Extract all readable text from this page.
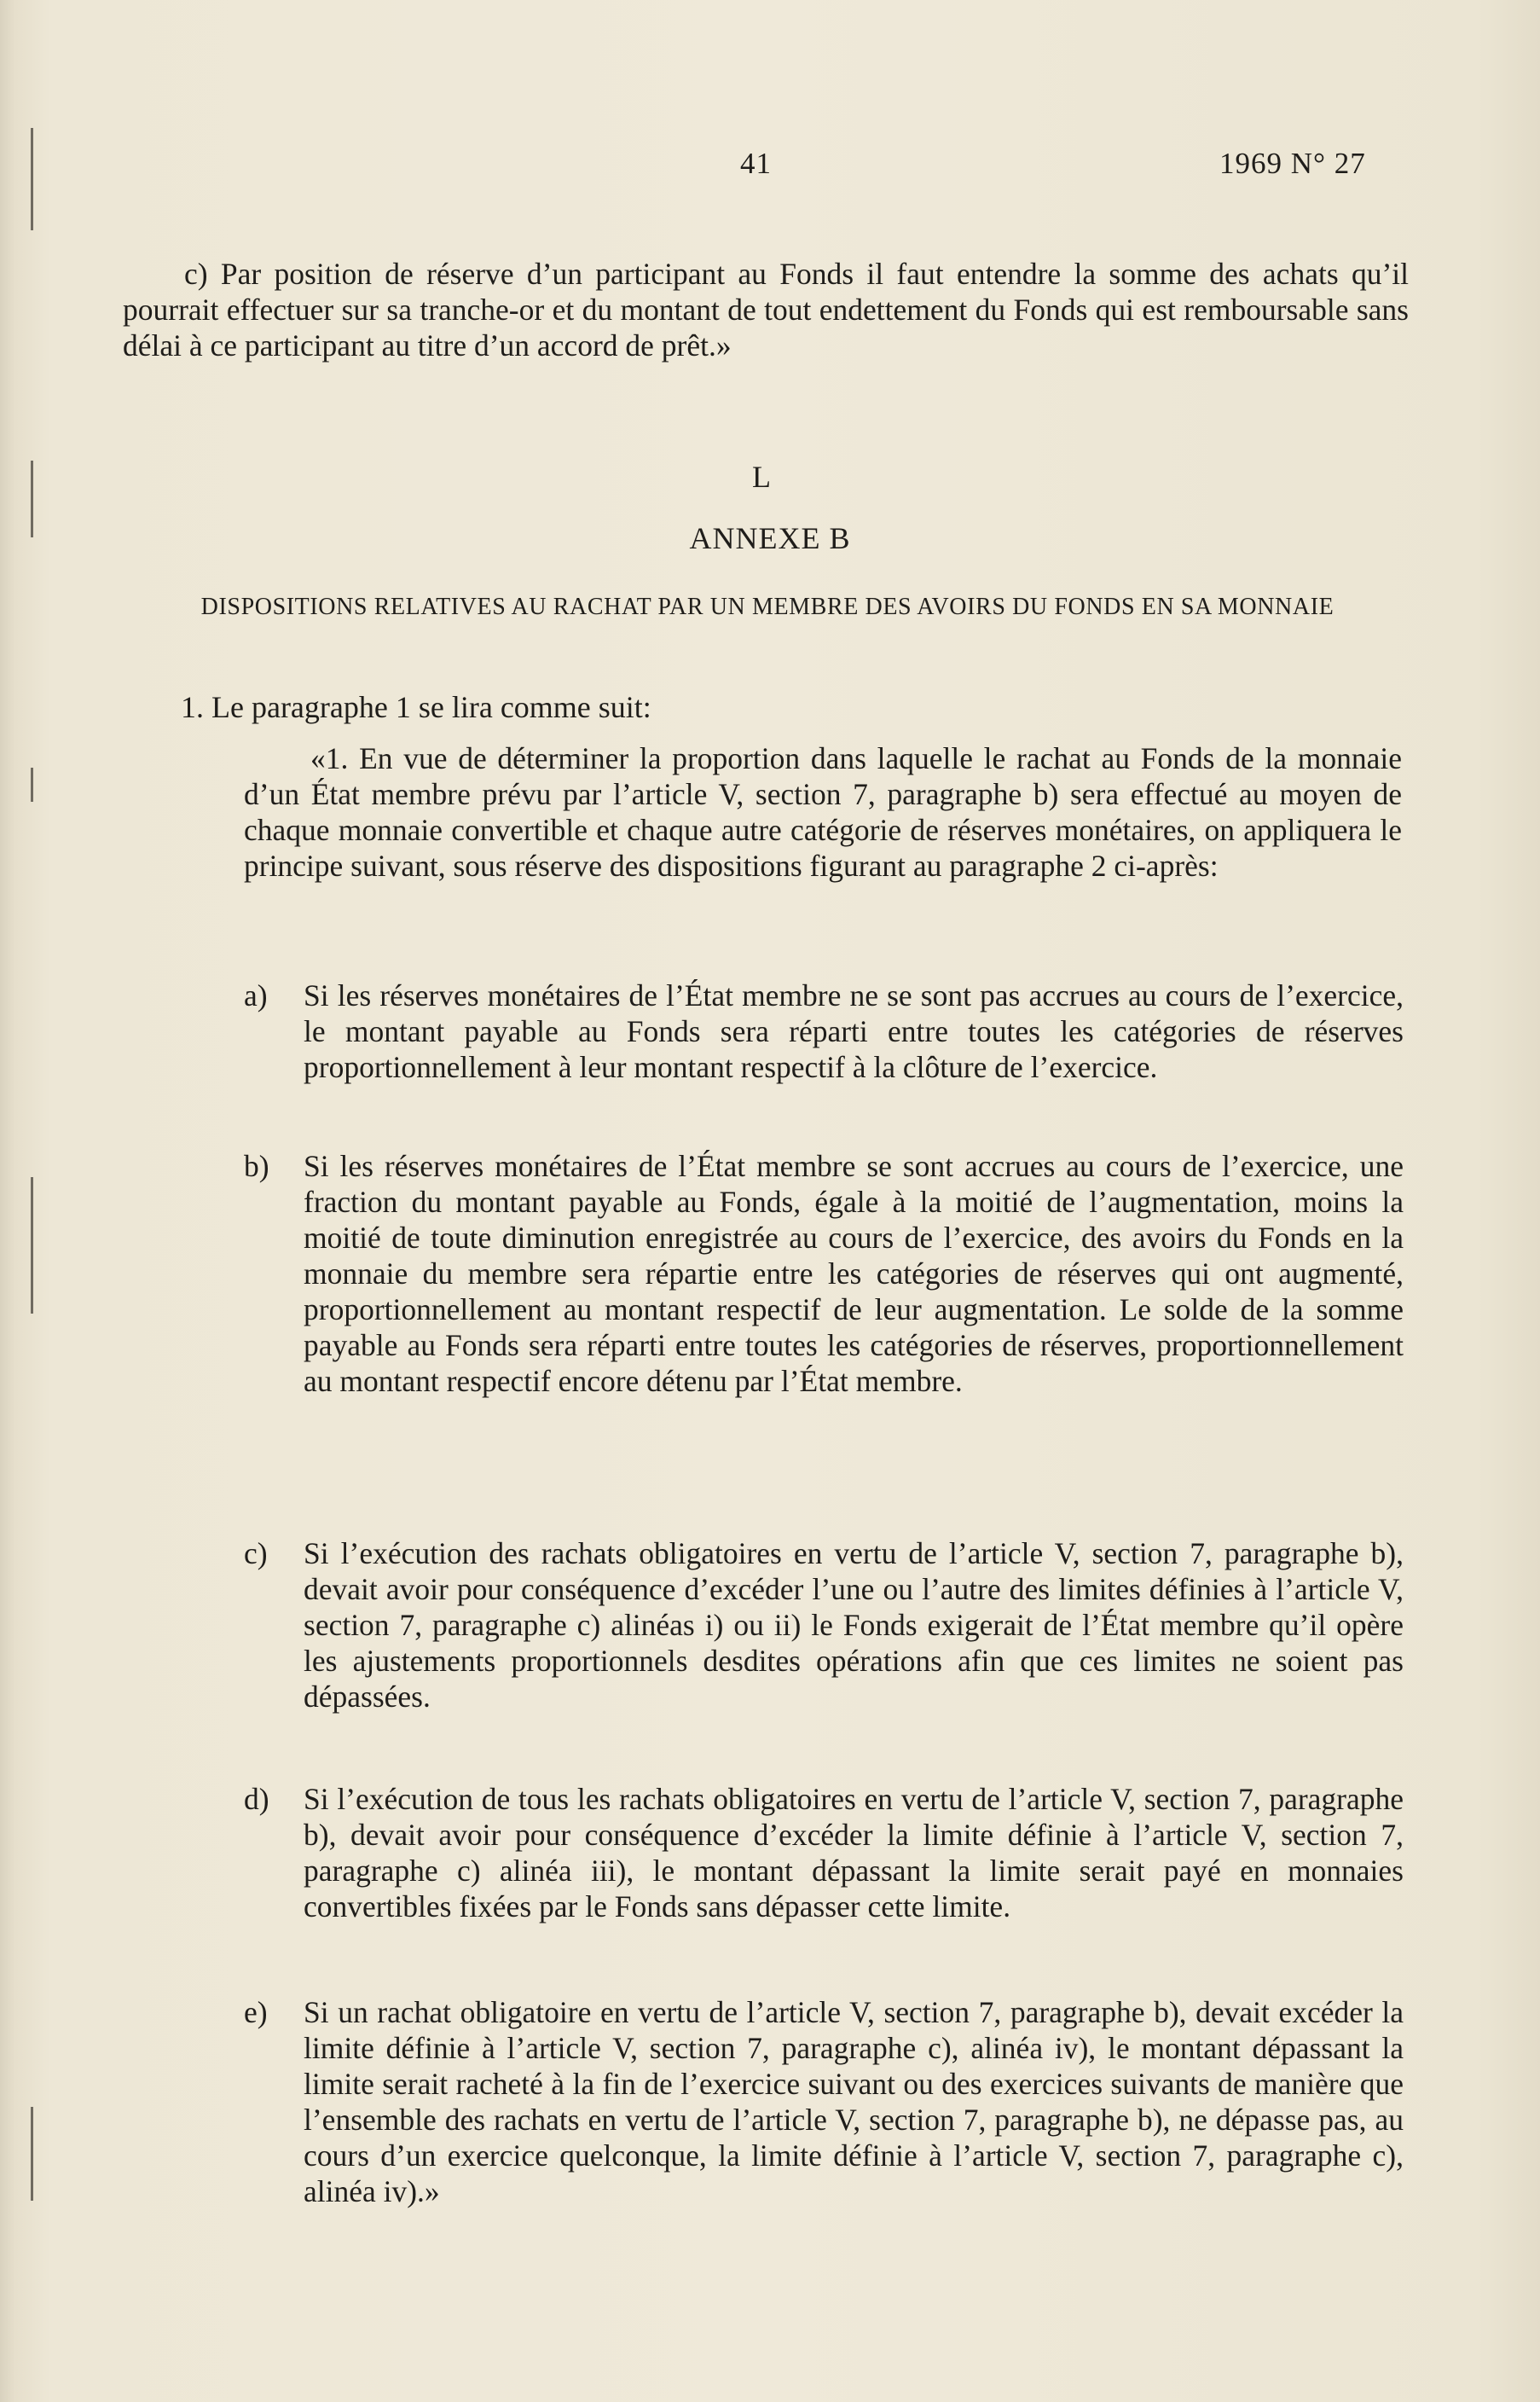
41	1969 N° 27
c) Par position de réserve d’un participant au Fonds il faut entendre la somme des achats qu’il pourrait effectuer sur sa tranche-or et du montant de tout endettement du Fonds qui est remboursable sans délai à ce participant au titre d’un accord de prêt.»
L
ANNEXE B
DISPOSITIONS RELATIVES AU RACHAT PAR UN MEMBRE DES AVOIRS DU FONDS EN SA MONNAIE
1. Le paragraphe 1 se lira comme suit:
«1. En vue de déterminer la proportion dans laquelle le rachat au Fonds de la monnaie d’un État membre prévu par l’article V, section 7, paragraphe b) sera effectué au moyen de chaque monnaie convertible et chaque autre catégorie de réserves monétaires, on appliquera le principe suivant, sous réserve des dispositions figurant au paragraphe 2 ci-après:
a) Si les réserves monétaires de l’État membre ne se sont pas accrues au cours de l’exercice, le montant payable au Fonds sera réparti entre toutes les catégories de réserves proportionnellement à leur montant respectif à la clôture de l’exercice.
b) Si les réserves monétaires de l’État membre se sont accrues au cours de l’exercice, une fraction du montant payable au Fonds, égale à la moitié de l’augmentation, moins la moitié de toute diminution enregistrée au cours de l’exercice, des avoirs du Fonds en la monnaie du membre sera répartie entre les catégories de réserves qui ont augmenté, proportionnellement au montant respectif de leur augmentation. Le solde de la somme payable au Fonds sera réparti entre toutes les catégories de réserves, proportionnellement au montant respectif encore détenu par l’État membre.
c) Si l’exécution des rachats obligatoires en vertu de l’article V, section 7, paragraphe b), devait avoir pour conséquence d’excéder l’une ou l’autre des limites définies à l’article V, section 7, paragraphe c) alinéas i) ou ii) le Fonds exigerait de l’État membre qu’il opère les ajustements proportionnels desdites opérations afin que ces limites ne soient pas dépassées.
d) Si l’exécution de tous les rachats obligatoires en vertu de l’article V, section 7, paragraphe b), devait avoir pour conséquence d’excéder la limite définie à l’article V, section 7, paragraphe c) alinéa iii), le montant dépassant la limite serait payé en monnaies convertibles fixées par le Fonds sans dépasser cette limite.
e) Si un rachat obligatoire en vertu de l’article V, section 7, paragraphe b), devait excéder la limite définie à l’article V, section 7, paragraphe c), alinéa iv), le montant dépassant la limite serait racheté à la fin de l’exercice suivant ou des exercices suivants de manière que l’ensemble des rachats en vertu de l’article V, section 7, paragraphe b), ne dépasse pas, au cours d’un exercice quelconque, la limite définie à l’article V, section 7, paragraphe c), alinéa iv).»
